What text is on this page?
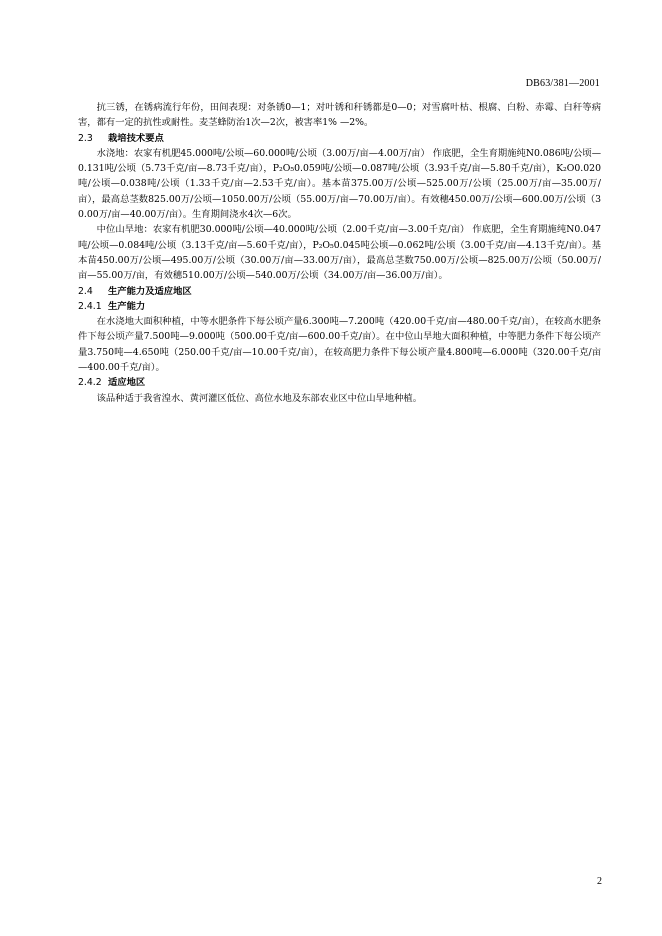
DB63/381—2001

抗三锈，在锈病流行年份，田间表现：对条锈0—1；对叶锈和秆锈都是0—0；对雪腐叶枯、根腐、白粉、赤霉、白秆等病害，都有一定的抗性或耐性。麦茎蜂防治1次—2次，被害率1% —2%。

2.3 栽培技术要点

水浇地：农家有机肥45.000吨/公顷—60.000吨/公顷（3.00万/亩—4.00万/亩） 作底肥，全生育期施纯N0.086吨/公顷—0.131吨/公顷（5.73千克/亩—8.73千克/亩），P₂O₅0.059吨/公顷—0.087吨/公顷（3.93千克/亩—5.80千克/亩），K₂O0.020吨/公顷—0.038吨/公顷（1.33千克/亩—2.53千克/亩）。基本苗375.00万/公顷—525.00万/公顷（25.00万/亩—35.00万/亩），最高总茎数825.00万/公顷—1050.00万/公顷（55.00万/亩—70.00万/亩）。有效穗450.00万/公顷—600.00万/公顷（30.00万/亩—40.00万/亩）。生育期间浇水4次—6次。

中位山旱地：农家有机肥30.000吨/公顷—40.000吨/公顷（2.00千克/亩—3.00千克/亩） 作底肥，全生育期施纯N0.047吨/公顷—0.084吨/公顷（3.13千克/亩—5.60千克/亩），P₂O₅0.045吨公顷—0.062吨/公顷（3.00千克/亩—4.13千克/亩）。基本苗450.00万/公顷—495.00万/公顷（30.00万/亩—33.00万/亩），最高总茎数750.00万/公顷—825.00万/公顷（50.00万/亩—55.00万/亩，有效穗510.00万/公顷—540.00万/公顷（34.00万/亩—36.00万/亩）。

2.4 生产能力及适应地区
2.4.1 生产能力

在水浇地大面积种植，中等水肥条件下每公顷产量6.300吨—7.200吨（420.00千克/亩—480.00千克/亩），在较高水肥条件下每公顷产量7.500吨—9.000吨（500.00千克/亩—600.00千克/亩）。在中位山旱地大面积种植，中等肥力条件下每公顷产量3.750吨—4.650吨（250.00千克/亩—10.00千克/亩），在较高肥力条件下每公顷产量4.800吨—6.000吨（320.00千克/亩—400.00千克/亩）。

2.4.2 适应地区

该品种适于我省湟水、黄河灌区低位、高位水地及东部农业区中位山旱地种植。

2
